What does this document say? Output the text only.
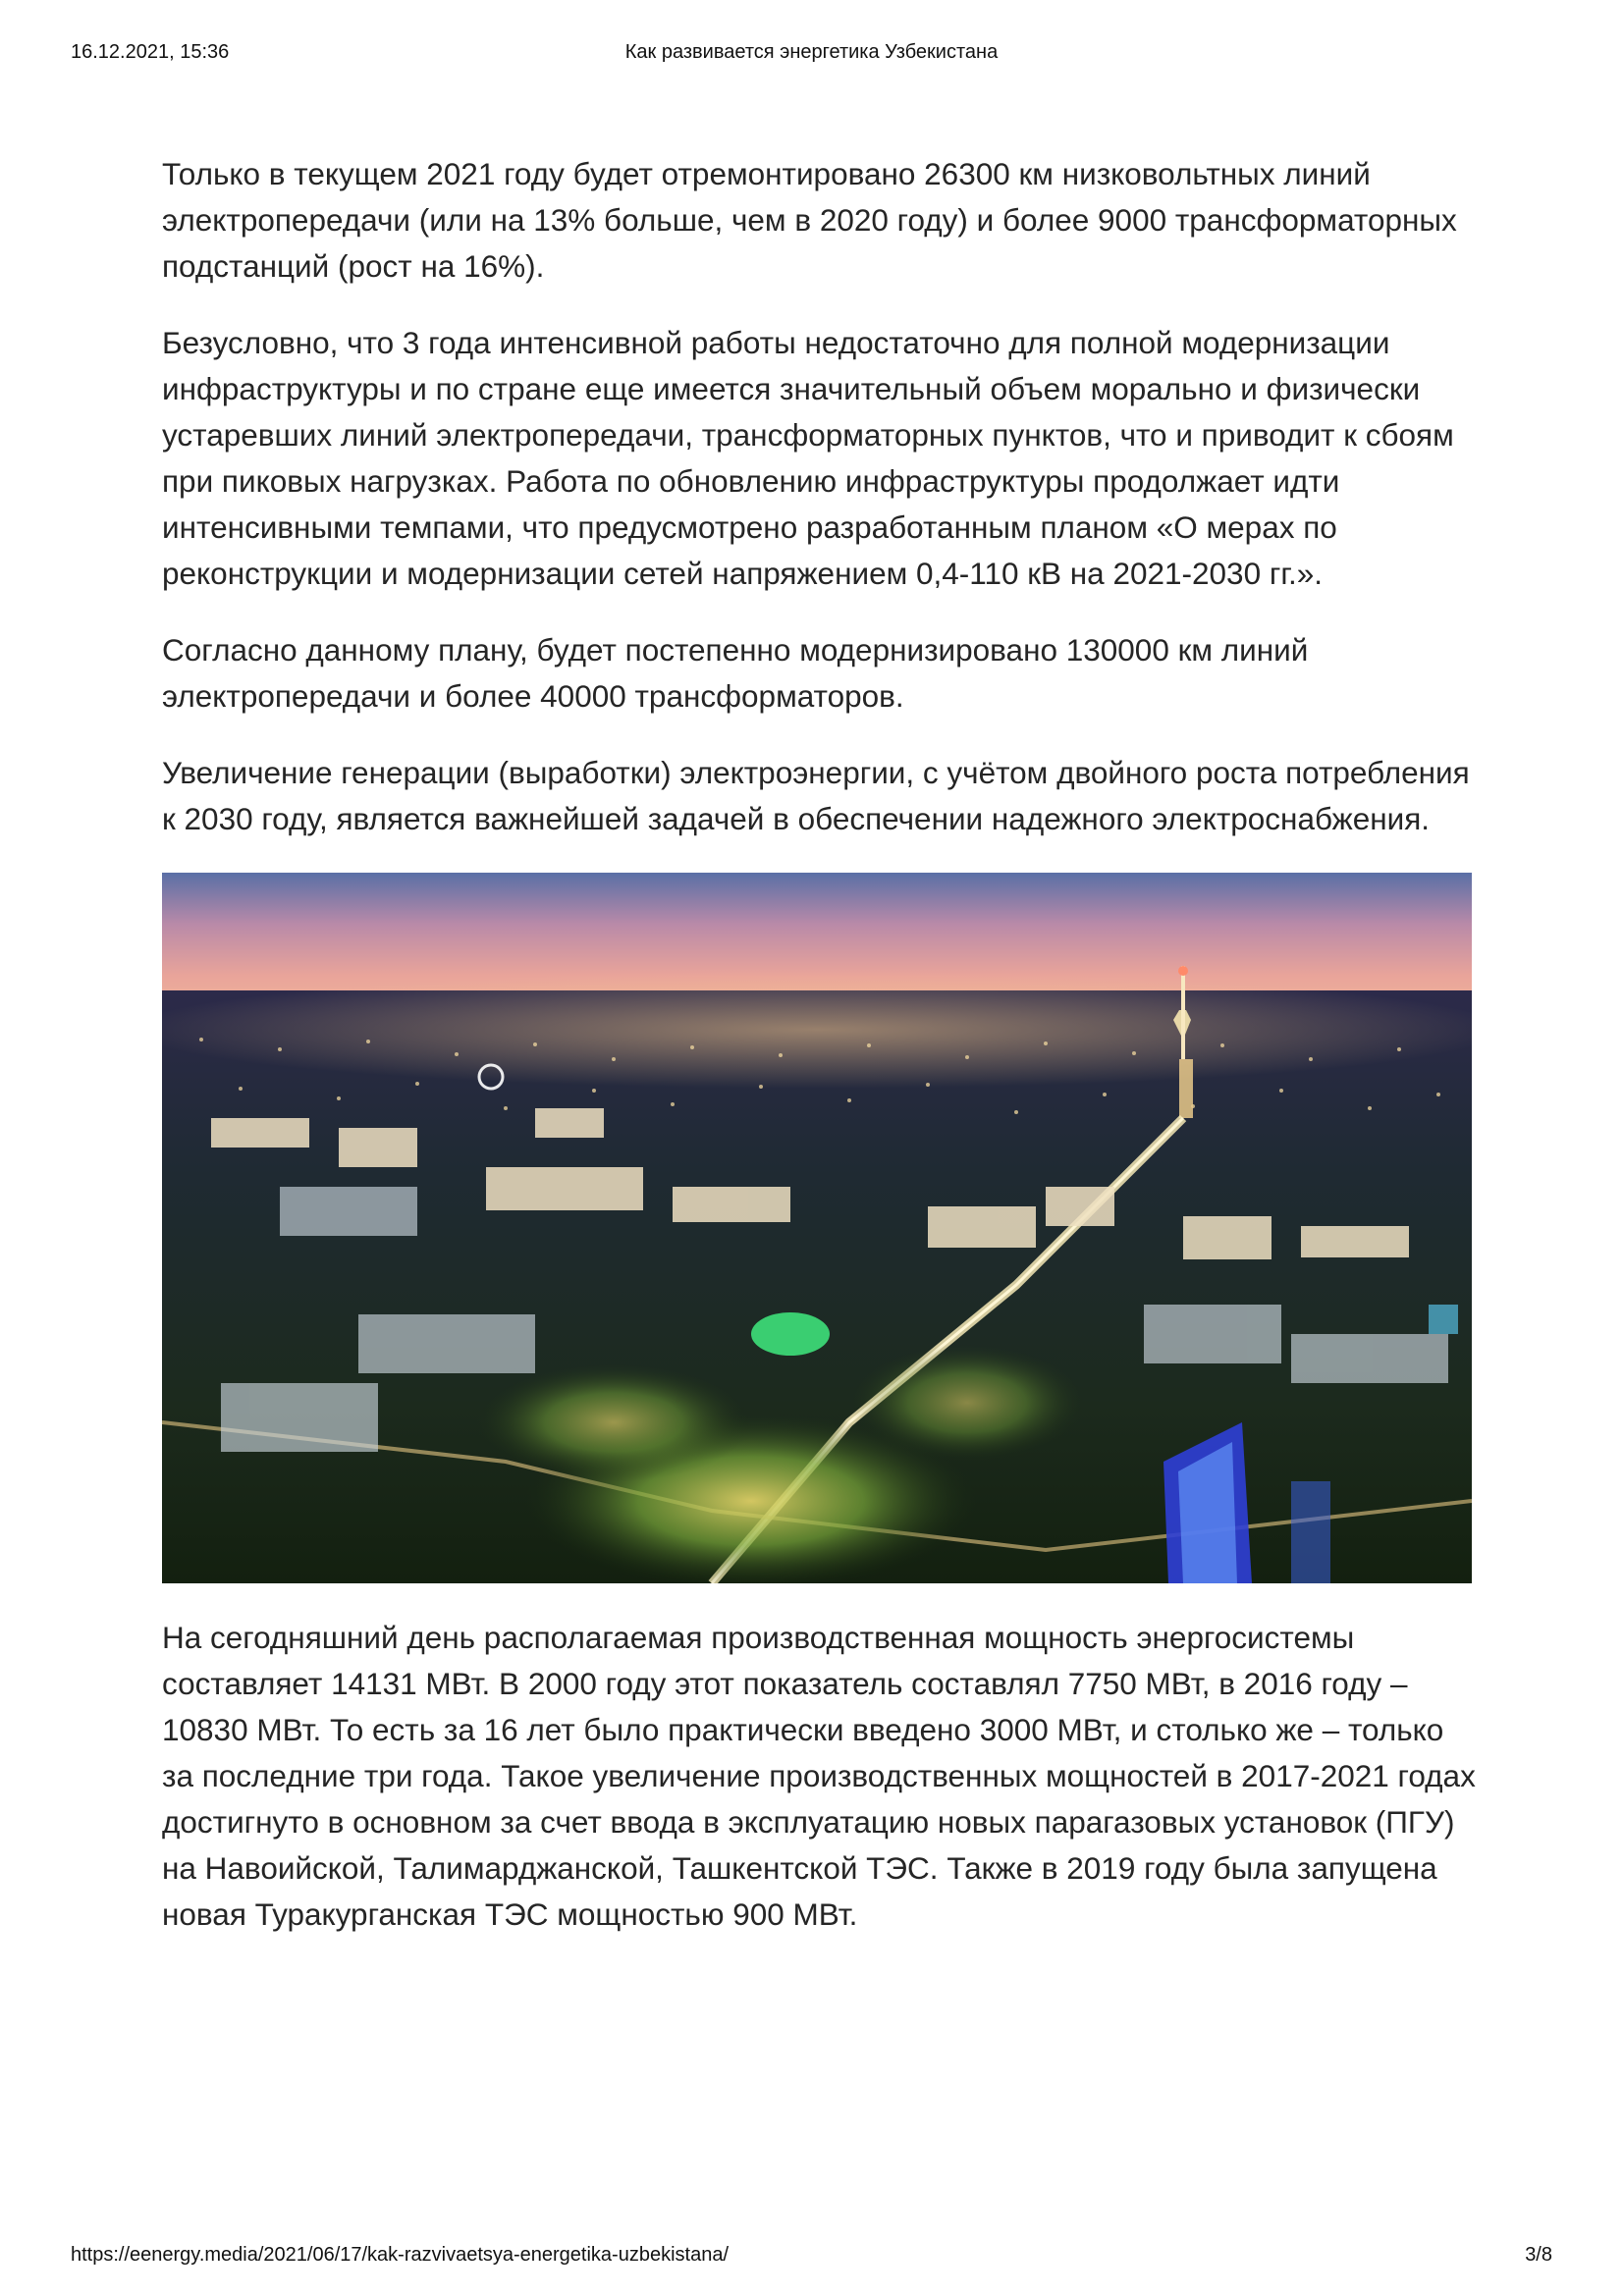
16.12.2021, 15:36	Как развивается энергетика Узбекистана

Только в текущем 2021 году будет отремонтировано 26300 км низковольтных линий электропередачи (или на 13% больше, чем в 2020 году) и более 9000 трансформаторных подстанций (рост на 16%).

Безусловно, что 3 года интенсивной работы недостаточно для полной модернизации инфраструктуры и по стране еще имеется значительный объем морально и физически устаревших линий электропередачи, трансформаторных пунктов, что и приводит к сбоям при пиковых нагрузках. Работа по обновлению инфраструктуры продолжает идти интенсивными темпами, что предусмотрено разработанным планом «О мерах по реконструкции и модернизации сетей напряжением 0,4-110 кВ на 2021-2030 гг.».

Согласно данному плану, будет постепенно модернизировано 130000 км линий электропередачи и более 40000 трансформаторов.

Увеличение генерации (выработки) электроэнергии, с учётом двойного роста потребления к 2030 году, является важнейшей задачей в обеспечении надежного электроснабжения.

На сегодняшний день располагаемая производственная мощность энергосистемы составляет 14131 МВт. В 2000 году этот показатель составлял 7750 МВт, в 2016 году – 10830 МВт. То есть за 16 лет было практически введено 3000 МВт, и столько же – только за последние три года. Такое увеличение производственных мощностей в 2017-2021 годах достигнуто в основном за счет ввода в эксплуатацию новых парагазовых установок (ПГУ) на Навоийской, Талимарджанской, Ташкентской ТЭС. Также в 2019 году была запущена новая Туракурганская ТЭС мощностью 900 МВт.

https://eenergy.media/2021/06/17/kak-razvivaetsya-energetika-uzbekistana/	3/8
